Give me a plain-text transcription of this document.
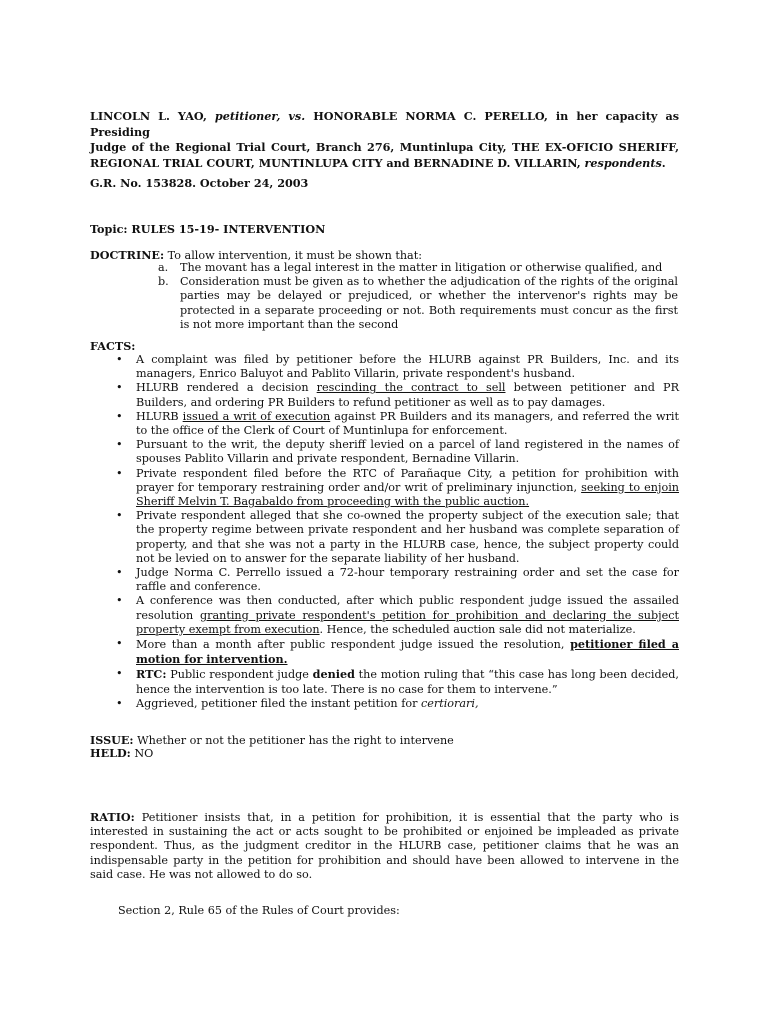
LINCOLN L. YAO, petitioner, vs. HONORABLE NORMA C. PERELLO, in her capacity as Presiding

Judge of the Regional Trial Court, Branch 276, Muntinlupa City, THE EX-OFICIO SHERIFF,

REGIONAL TRIAL COURT, MUNTINLUPA CITY and BERNADINE D. VILLARIN, respondents.

G.R. No. 153828. October 24, 2003
Topic: RULES 15-19- INTERVENTION
DOCTRINE: To allow intervention, it must be shown that:
a. The movant has a legal interest in the matter in litigation or otherwise qualified, and
b. Consideration must be given as to whether the adjudication of the rights of the original parties may be delayed or prejudiced, or whether the intervenor's rights may be protected in a separate proceeding or not. Both requirements must concur as the first is not more important than the second
FACTS:
• A complaint was filed by petitioner before the HLURB against PR Builders, Inc. and its managers, Enrico Baluyot and Pablito Villarin, private respondent's husband.
• HLURB rendered a decision rescinding the contract to sell between petitioner and PR Builders, and ordering PR Builders to refund petitioner as well as to pay damages.
• HLURB issued a writ of execution against PR Builders and its managers, and referred the writ to the office of the Clerk of Court of Muntinlupa for enforcement.
• Pursuant to the writ, the deputy sheriff levied on a parcel of land registered in the names of spouses Pablito Villarin and private respondent, Bernadine Villarin.
• Private respondent filed before the RTC of Parañaque City, a petition for prohibition with prayer for temporary restraining order and/or writ of preliminary injunction, seeking to enjoin Sheriff Melvin T. Bagabaldo from proceeding with the public auction.
• Private respondent alleged that she co-owned the property subject of the execution sale; that the property regime between private respondent and her husband was complete separation of property, and that she was not a party in the HLURB case, hence, the subject property could not be levied on to answer for the separate liability of her husband.
• Judge Norma C. Perrello issued a 72-hour temporary restraining order and set the case for raffle and conference.
• A conference was then conducted, after which public respondent judge issued the assailed resolution granting private respondent's petition for prohibition and declaring the subject property exempt from execution. Hence, the scheduled auction sale did not materialize.
• More than a month after public respondent judge issued the resolution, petitioner filed a motion for intervention.
• RTC: Public respondent judge denied the motion ruling that “this case has long been decided, hence the intervention is too late. There is no case for them to intervene.”
• Aggrieved, petitioner filed the instant petition for certiorari,
ISSUE: Whether or not the petitioner has the right to intervene
HELD: NO
RATIO: Petitioner insists that, in a petition for prohibition, it is essential that the party who is interested in sustaining the act or acts sought to be prohibited or enjoined be impleaded as private respondent. Thus, as the judgment creditor in the HLURB case, petitioner claims that he was an indispensable party in the petition for prohibition and should have been allowed to intervene in the said case. He was not allowed to do so.
Section 2, Rule 65 of the Rules of Court provides:
